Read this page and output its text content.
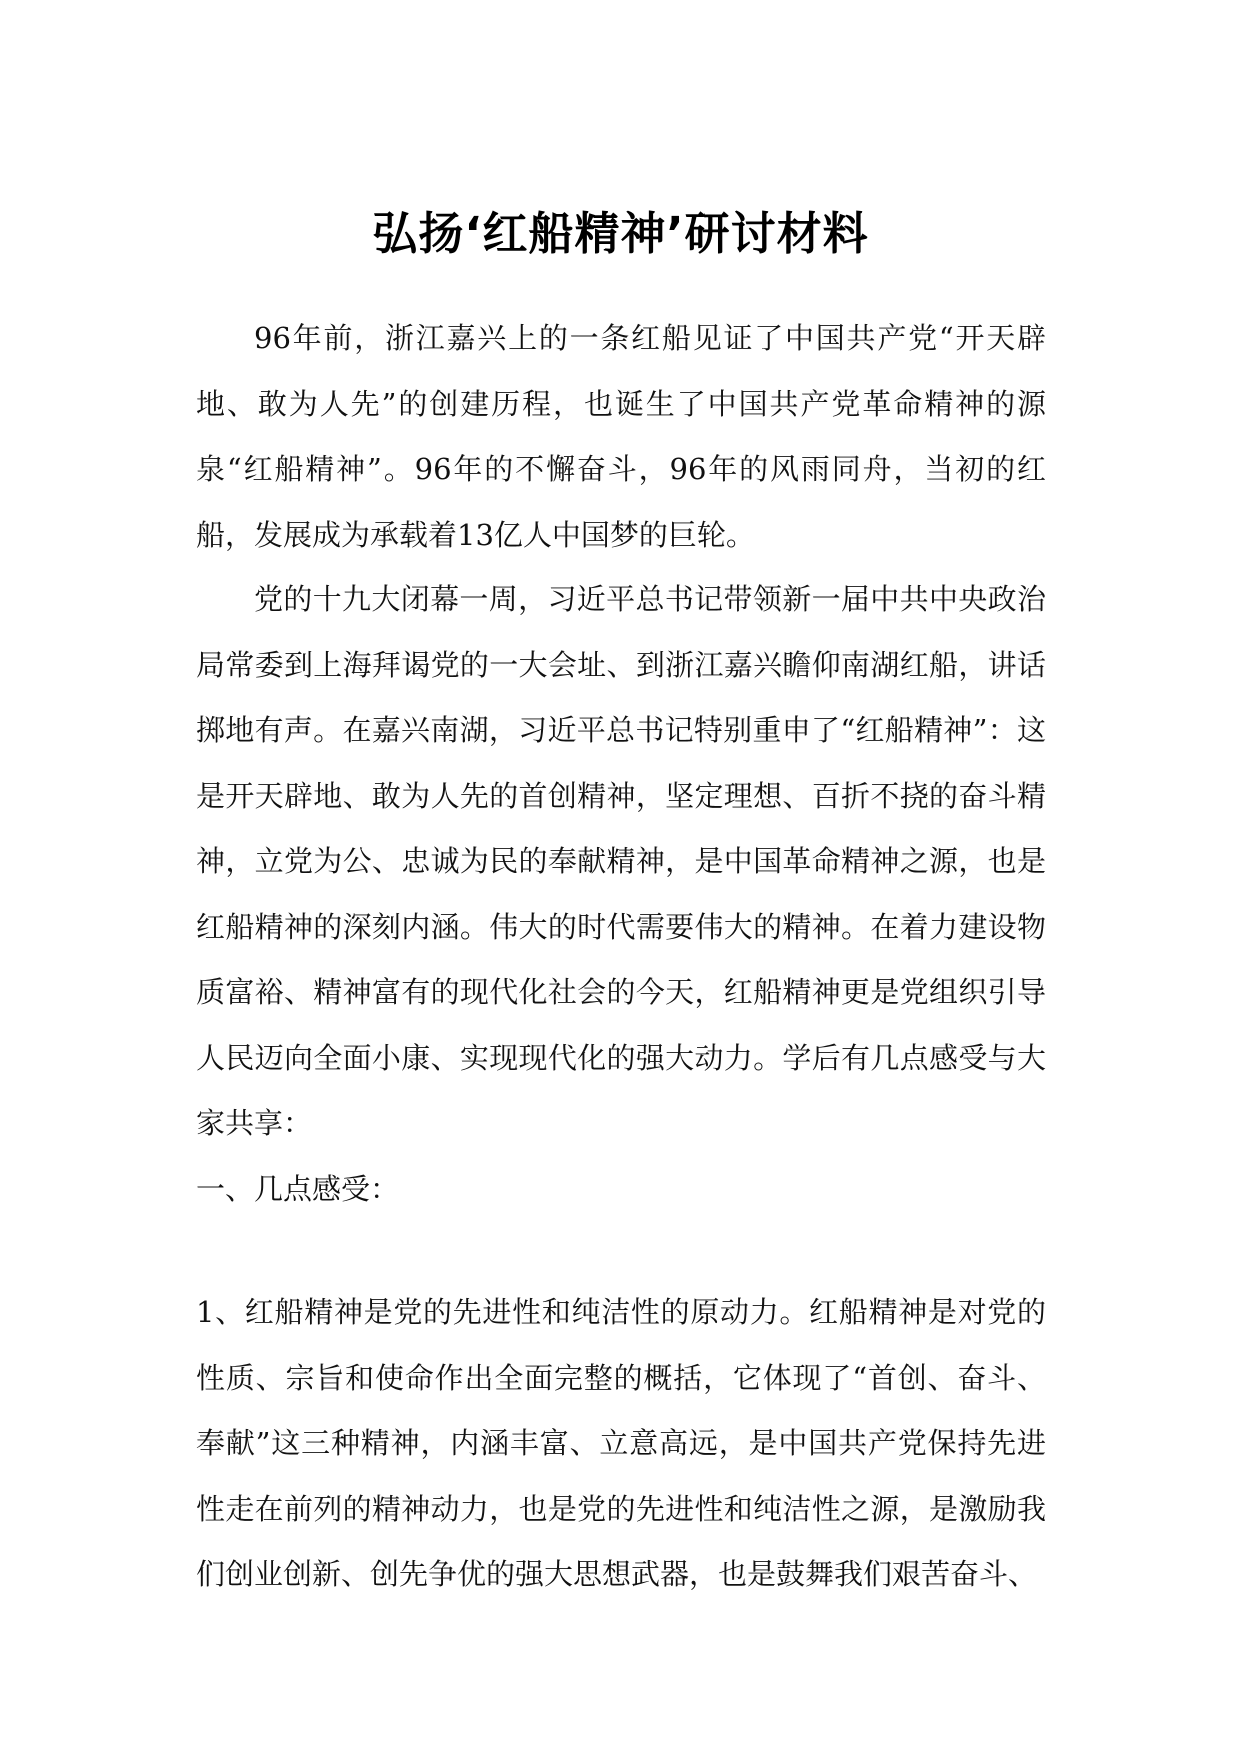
弘扬‘红船精神’研讨材料

96年前，浙江嘉兴上的一条红船见证了中国共产党“开天辟地、敢为人先”的创建历程，也诞生了中国共产党革命精神的源泉“红船精神”。96年的不懈奋斗，96年的风雨同舟，当初的红船，发展成为承载着13亿人中国梦的巨轮。

党的十九大闭幕一周，习近平总书记带领新一届中共中央政治局常委到上海拜谒党的一大会址、到浙江嘉兴瞻仰南湖红船，讲话掷地有声。在嘉兴南湖，习近平总书记特别重申了“红船精神”：这是开天辟地、敢为人先的首创精神，坚定理想、百折不挠的奋斗精神，立党为公、忠诚为民的奉献精神，是中国革命精神之源，也是红船精神的深刻内涵。伟大的时代需要伟大的精神。在着力建设物质富裕、精神富有的现代化社会的今天，红船精神更是党组织引导人民迈向全面小康、实现现代化的强大动力。学后有几点感受与大家共享：

一、几点感受：

1、红船精神是党的先进性和纯洁性的原动力。红船精神是对党的性质、宗旨和使命作出全面完整的概括，它体现了“首创、奋斗、奉献”这三种精神，内涵丰富、立意高远，是中国共产党保持先进性走在前列的精神动力，也是党的先进性和纯洁性之源，是激励我们创业创新、创先争优的强大思想武器，也是鼓舞我们艰苦奋斗、
